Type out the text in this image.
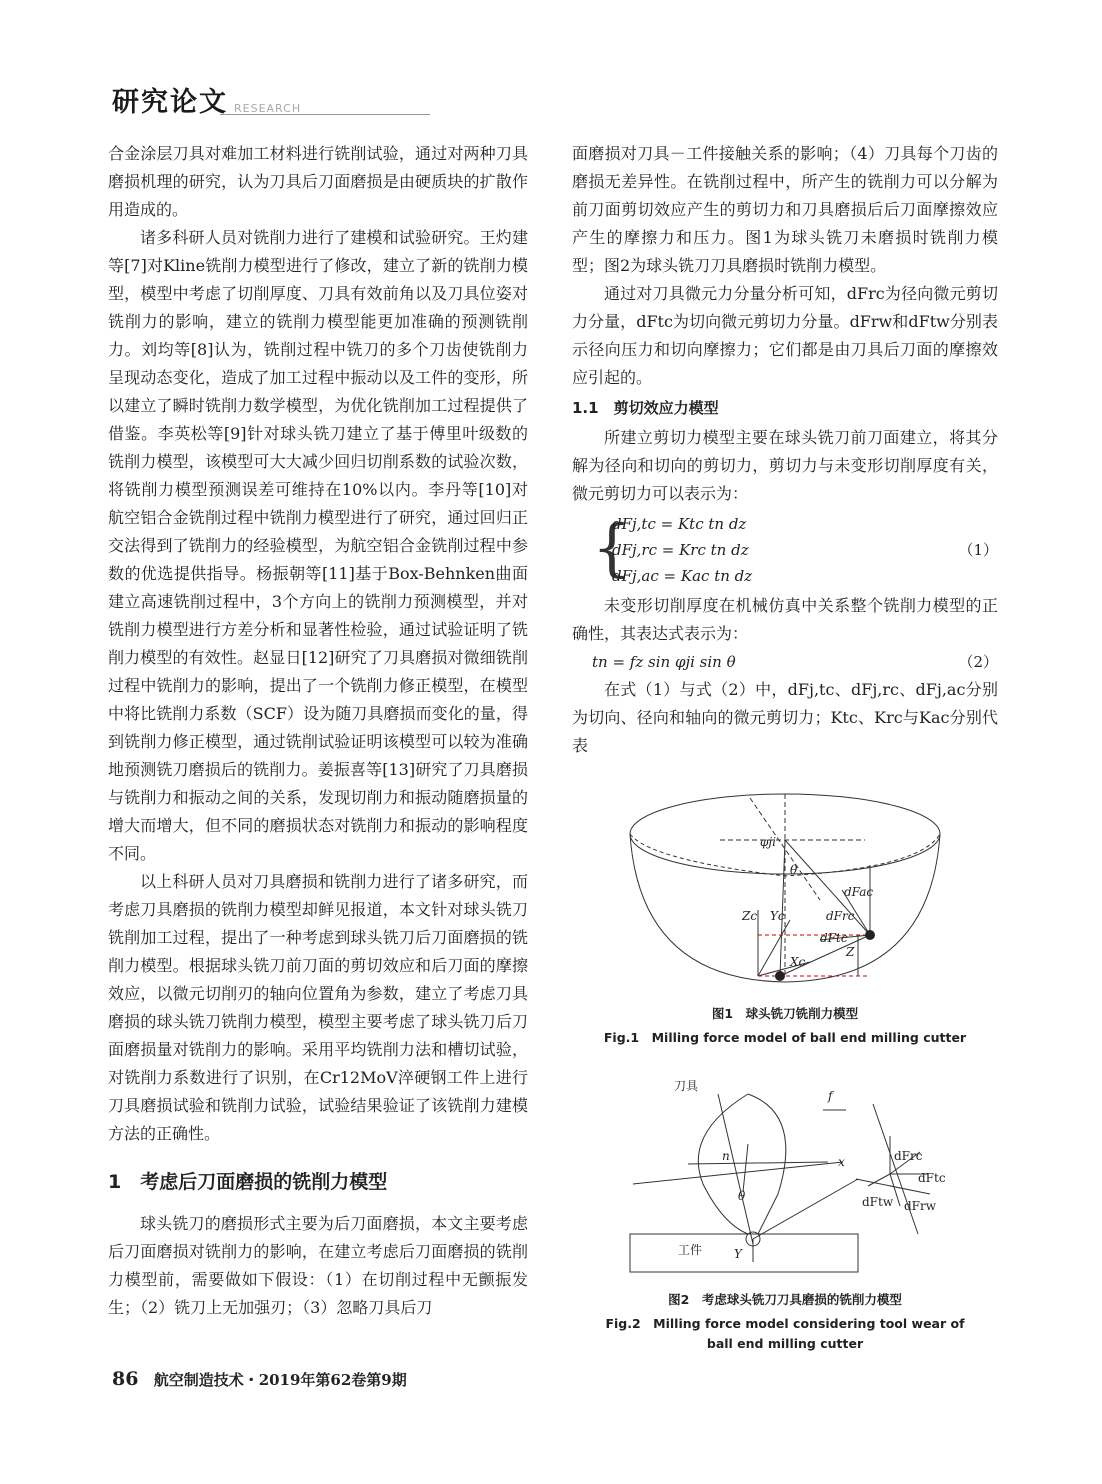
研究论文 RESEARCH

合金涂层刀具对难加工材料进行铣削试验，通过对两种刀具磨损机理的研究，认为刀具后刀面磨损是由硬质块的扩散作用造成的。

诸多科研人员对铣削力进行了建模和试验研究。王灼建等[7]对Kline铣削力模型进行了修改，建立了新的铣削力模型，模型中考虑了切削厚度、刀具有效前角以及刀具位姿对铣削力的影响，建立的铣削力模型能更加准确的预测铣削力。刘均等[8]认为，铣削过程中铣刀的多个刀齿使铣削力呈现动态变化，造成了加工过程中振动以及工件的变形，所以建立了瞬时铣削力数学模型，为优化铣削加工过程提供了借鉴。李英松等[9]针对球头铣刀建立了基于傅里叶级数的铣削力模型，该模型可大大减少回归切削系数的试验次数，将铣削力模型预测误差可维持在10%以内。李丹等[10]对航空铝合金铣削过程中铣削力模型进行了研究，通过回归正交法得到了铣削力的经验模型，为航空铝合金铣削过程中参数的优选提供指导。杨振朝等[11]基于Box-Behnken曲面建立高速铣削过程中，3个方向上的铣削力预测模型，并对铣削力模型进行方差分析和显著性检验，通过试验证明了铣削力模型的有效性。赵显日[12]研究了刀具磨损对微细铣削过程中铣削力的影响，提出了一个铣削力修正模型，在模型中将比铣削力系数（SCF）设为随刀具磨损而变化的量，得到铣削力修正模型，通过铣削试验证明该模型可以较为准确地预测铣刀磨损后的铣削力。姜振喜等[13]研究了刀具磨损与铣削力和振动之间的关系，发现切削力和振动随磨损量的增大而增大，但不同的磨损状态对铣削力和振动的影响程度不同。

以上科研人员对刀具磨损和铣削力进行了诸多研究，而考虑刀具磨损的铣削力模型却鲜见报道，本文针对球头铣刀铣削加工过程，提出了一种考虑到球头铣刀后刀面磨损的铣削力模型。根据球头铣刀前刀面的剪切效应和后刀面的摩擦效应，以微元切削刃的轴向位置角为参数，建立了考虑刀具磨损的球头铣刀铣削力模型，模型主要考虑了球头铣刀后刀面磨损量对铣削力的影响。采用平均铣削力法和槽切试验，对铣削力系数进行了识别，在Cr12MoV淬硬钢工件上进行刀具磨损试验和铣削力试验，试验结果验证了该铣削力建模方法的正确性。

1　考虑后刀面磨损的铣削力模型

球头铣刀的磨损形式主要为后刀面磨损，本文主要考虑后刀面磨损对铣削力的影响，在建立考虑后刀面磨损的铣削力模型前，需要做如下假设：（1）在切削过程中无颤振发生；（2）铣刀上无加强刃；（3）忽略刀具后刀

面磨损对刀具－工件接触关系的影响；（4）刀具每个刀齿的磨损无差异性。在铣削过程中，所产生的铣削力可以分解为前刀面剪切效应产生的剪切力和刀具磨损后后刀面摩擦效应产生的摩擦力和压力。图1为球头铣刀未磨损时铣削力模型；图2为球头铣刀刀具磨损时铣削力模型。

通过对刀具微元力分量分析可知，dFrc为径向微元剪切力分量，dFtc为切向微元剪切力分量。dFrw和dFtw分别表示径向压力和切向摩擦力；它们都是由刀具后刀面的摩擦效应引起的。

1.1　剪切效应力模型

所建立剪切力模型主要在球头铣刀前刀面建立，将其分解为径向和切向的剪切力，剪切力与未变形切削厚度有关，微元剪切力可以表示为：

{
dFj,tc = Ktc tn dz
dFj,rc = Krc tn dz
dFj,ac = Kac tn dz
（1）

未变形切削厚度在机械仿真中关系整个铣削力模型的正确性，其表达式表示为：

tn = fz sin φji sin θ	（2）

在式（1）与式（2）中，dFj,tc、dFj,rc、dFj,ac分别为切向、径向和轴向的微元剪切力；Ktc、Krc与Kac分别代表

φji
θ
dFac
Zc Yc	dFrc
dFtc
Xc
Z
图1　球头铣刀铣削力模型
Fig.1　Milling force model of ball end milling cutter
刀具
f
n	x
θ
工件	Y
dFrc
dFtc
dFtw dFrw
图2　考虑球头铣刀刀具磨损的铣削力模型
Fig.2　Milling force model considering tool wear of
ball end milling cutter
86 航空制造技术・2019年第62卷第9期
